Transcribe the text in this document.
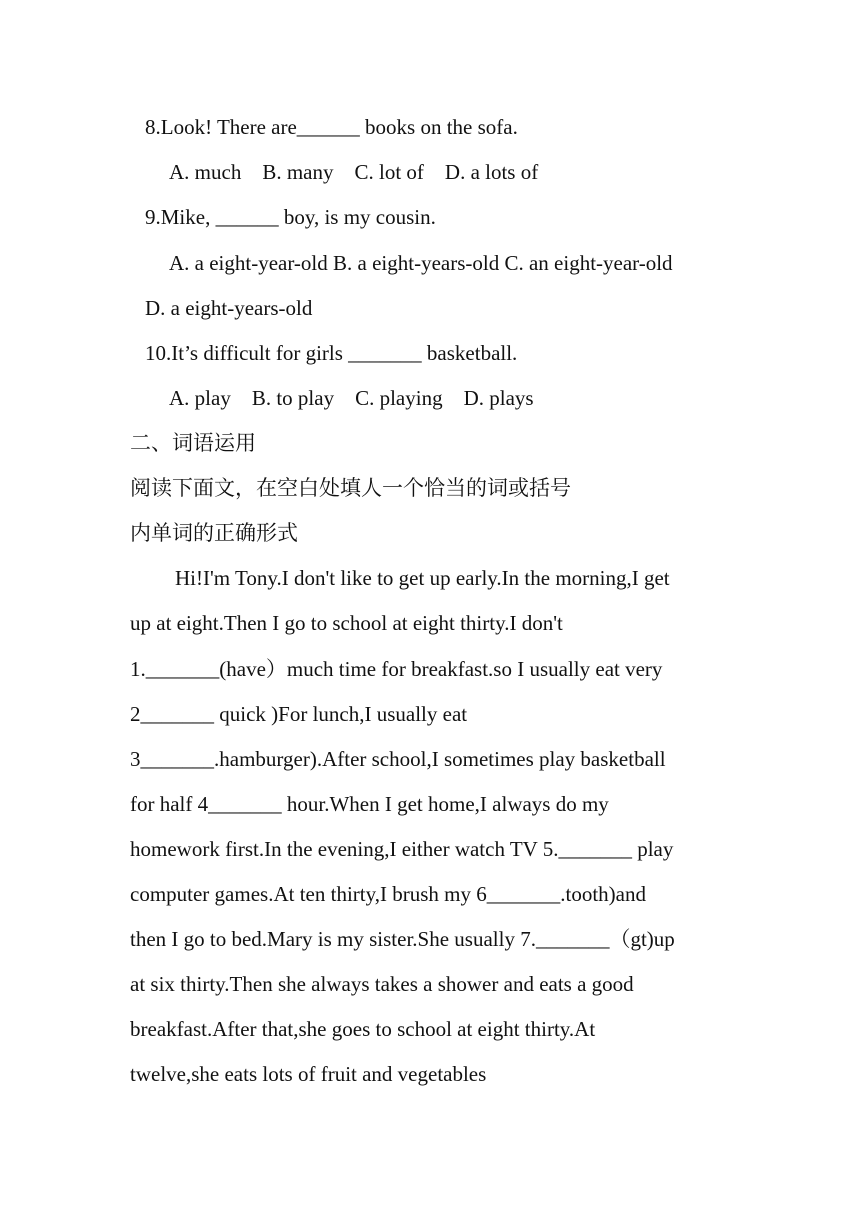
8.Look! There are______ books on the sofa.
A. much    B. many    C. lot of    D. a lots of
9.Mike, ______ boy, is my cousin.
A. a eight-year-old B. a eight-years-old C. an eight-year-old
D. a eight-years-old
10.It’s difficult for girls _______ basketball.
A. play    B. to play    C. playing    D. plays
二、词语运用
阅读下面文，在空白处填人一个恰当的词或括号
内单词的正确形式
Hi!I'm Tony.I don't like to get up early.In the morning,I get
up at eight.Then I go to school at eight thirty.I don't
1._______(have）much time for breakfast.so I usually eat very
2_______ quick )For lunch,I usually eat
3_______.hamburger).After school,I sometimes play basketball
for half 4_______ hour.When I get home,I always do my
homework first.In the evening,I either watch TV 5._______ play
computer games.At ten thirty,I brush my 6_______.tooth)and
then I go to bed.Mary is my sister.She usually 7._______（gt)up
at six thirty.Then she always takes a shower and eats a good
breakfast.After that,she goes to school at eight thirty.At
twelve,she eats lots of fruit and vegetables
